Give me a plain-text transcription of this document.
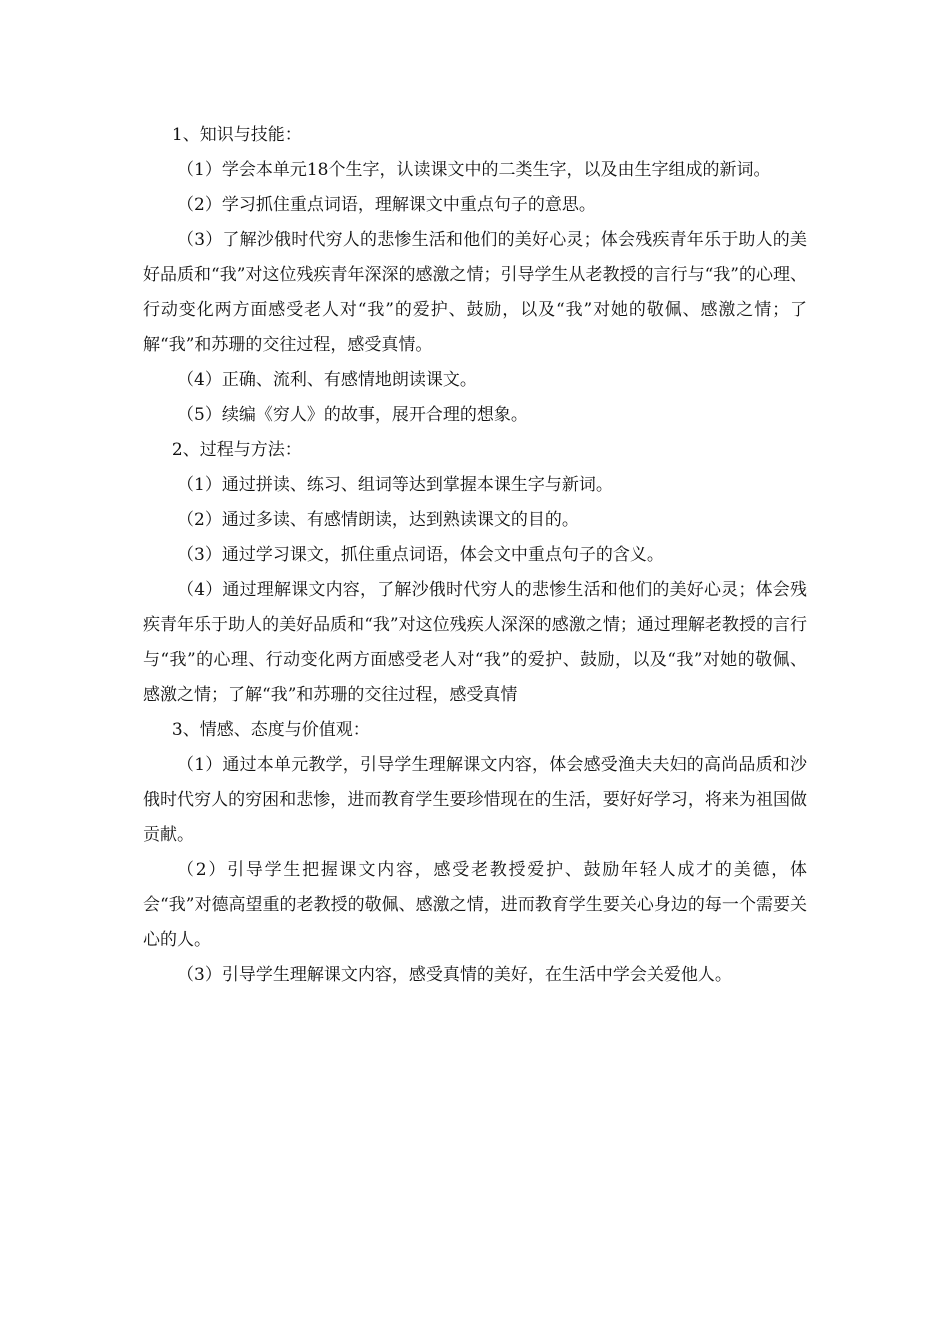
1、知识与技能：

（1）学会本单元18个生字，认读课文中的二类生字，以及由生字组成的新词。

（2）学习抓住重点词语，理解课文中重点句子的意思。

（3）了解沙俄时代穷人的悲惨生活和他们的美好心灵；体会残疾青年乐于助人的美好品质和“我”对这位残疾青年深深的感激之情；引导学生从老教授的言行与“我”的心理、行动变化两方面感受老人对“我”的爱护、鼓励，以及“我”对她的敬佩、感激之情；了解“我”和苏珊的交往过程，感受真情。

（4）正确、流利、有感情地朗读课文。

（5）续编《穷人》的故事，展开合理的想象。

2、过程与方法：

（1）通过拼读、练习、组词等达到掌握本课生字与新词。

（2）通过多读、有感情朗读，达到熟读课文的目的。

（3）通过学习课文，抓住重点词语，体会文中重点句子的含义。

（4）通过理解课文内容，了解沙俄时代穷人的悲惨生活和他们的美好心灵；体会残疾青年乐于助人的美好品质和“我”对这位残疾人深深的感激之情；通过理解老教授的言行与“我”的心理、行动变化两方面感受老人对“我”的爱护、鼓励，以及“我”对她的敬佩、感激之情；了解“我”和苏珊的交往过程，感受真情

3、情感、态度与价值观：

（1）通过本单元教学，引导学生理解课文内容，体会感受渔夫夫妇的高尚品质和沙俄时代穷人的穷困和悲惨，进而教育学生要珍惜现在的生活，要好好学习，将来为祖国做贡献。

（2）引导学生把握课文内容，感受老教授爱护、鼓励年轻人成才的美德，体会“我”对德高望重的老教授的敬佩、感激之情，进而教育学生要关心身边的每一个需要关心的人。

（3）引导学生理解课文内容，感受真情的美好，在生活中学会关爱他人。
